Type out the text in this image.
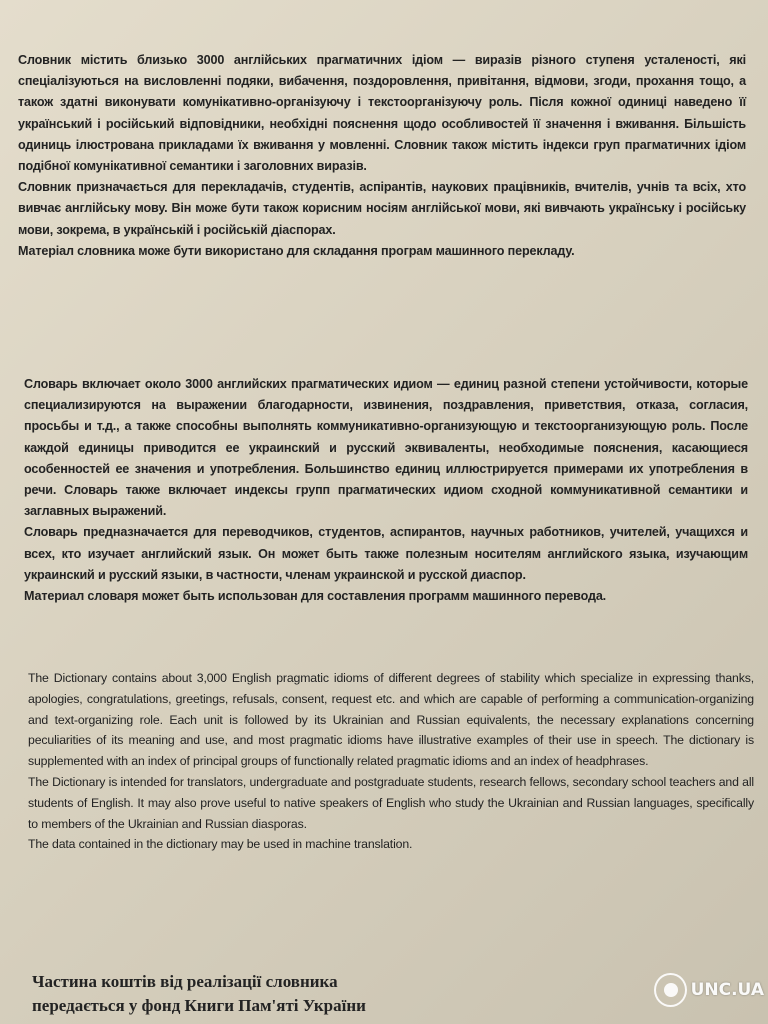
Словник містить близько 3000 англійських прагматичних ідіом — виразів різного ступеня усталеності, які спеціалізуються на висловленні подяки, вибачення, поздоровлення, привітання, відмови, згоди, прохання тощо, а також здатні виконувати комунікативно-організуючу і текстоорганізуючу роль. Після кожної одиниці наведено її український і російський відповідники, необхідні пояснення щодо особливостей її значення і вживання. Більшість одиниць ілюстрована прикладами їх вживання у мовленні. Словник також містить індекси груп прагматичних ідіом подібної комунікативної семантики і заголовних виразів.

Словник призначається для перекладачів, студентів, аспірантів, наукових працівників, вчителів, учнів та всіх, хто вивчає англійську мову. Він може бути також корисним носіям англійської мови, які вивчають українську і російську мови, зокрема, в українській і російській діаспорах.

Матеріал словника може бути використано для складання програм машинного перекладу.

Словарь включает около 3000 английских прагматических идиом — единиц разной степени устойчивости, которые специализируются на выражении благодарности, извинения, поздравления, приветствия, отказа, согласия, просьбы и т.д., а также способны выполнять коммуникативно-организующую и текстоорганизующую роль. После каждой единицы приводится ее украинский и русский эквиваленты, необходимые пояснения, касающиеся особенностей ее значения и употребления. Большинство единиц иллюстрируется примерами их употребления в речи. Словарь также включает индексы групп прагматических идиом сходной коммуникативной семантики и заглавных выражений.

Словарь предназначается для переводчиков, студентов, аспирантов, научных работников, учителей, учащихся и всех, кто изучает английский язык. Он может быть также полезным носителям английского языка, изучающим украинский и русский языки, в частности, членам украинской и русской диаспор.

Материал словаря может быть использован для составления программ машинного перевода.

The Dictionary contains about 3,000 English pragmatic idioms of different degrees of stability which specialize in expressing thanks, apologies, congratulations, greetings, refusals, consent, request etc. and which are capable of performing a communication-organizing and text-organizing role. Each unit is followed by its Ukrainian and Russian equivalents, the necessary explanations concerning peculiarities of its meaning and use, and most pragmatic idioms have illustrative examples of their use in speech. The dictionary is supplemented with an index of principal groups of functionally related pragmatic idioms and an index of headphrases.

The Dictionary is intended for translators, undergraduate and postgraduate students, research fellows, secondary school teachers and all students of English. It may also prove useful to native speakers of English who study the Ukrainian and Russian languages, specifically to members of the Ukrainian and Russian diasporas.

The data contained in the dictionary may be used in machine translation.

Частина коштів від реалізації словника
передається у фонд Книги Пам'яті України
UNC.UA
